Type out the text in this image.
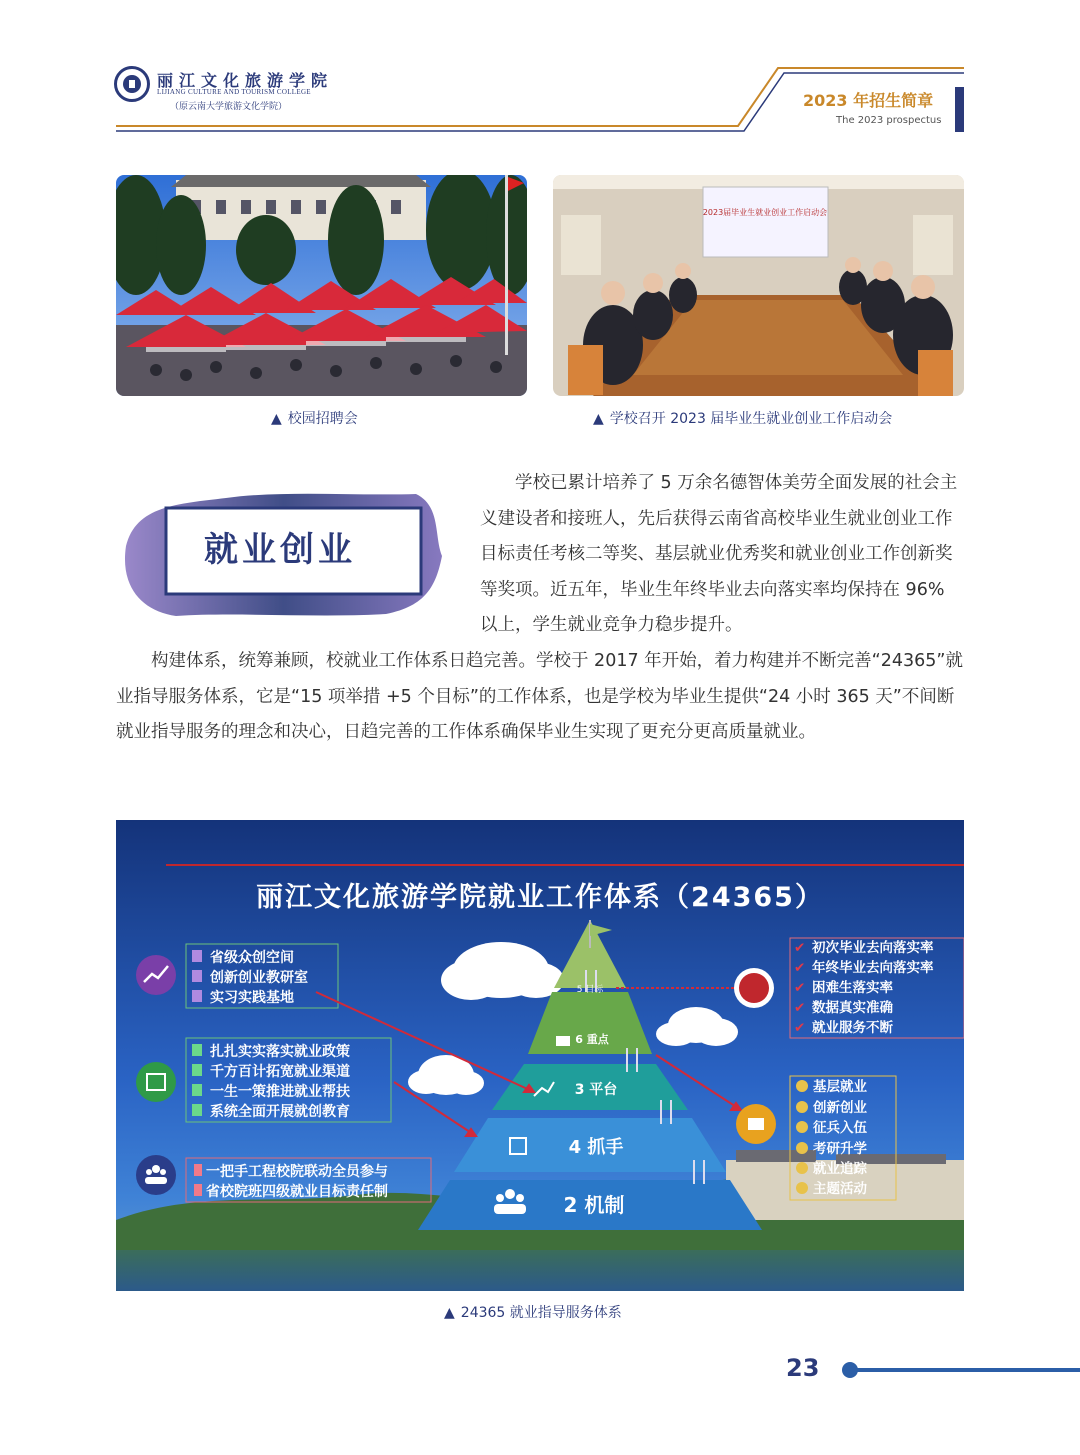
丽江文化旅游学院
LIJIANG CULTURE AND TOURISM COLLEGE
（原云南大学旅游文化学院）	2023 年招生简章
The 2023 prospectus
2023届毕业生就业创业工作启动会
▲ 校园招聘会	▲ 学校召开 2023 届毕业生就业创业工作启动会
就业创业

学校已累计培养了 5 万余名德智体美劳全面发展的社会主义建设者和接班人，先后获得云南省高校毕业生就业创业工作目标责任考核二等奖、基层就业优秀奖和就业创业工作创新奖等奖项。近五年，毕业生年终毕业去向落实率均保持在 96% 以上，学生就业竞争力稳步提升。

构建体系，统筹兼顾，校就业工作体系日趋完善。学校于 2017 年开始，着力构建并不断完善“24365”就业指导服务体系，它是“15 项举措 +5 个目标”的工作体系，也是学校为毕业生提供“24 小时 365 天”不间断就业指导服务的理念和决心，日趋完善的工作体系确保毕业生实现了更充分更高质量就业。

丽江文化旅游学院就业工作体系（24365）
5 目标
6 重点
3 平台
4 抓手
2 机制
省级众创空间
创新创业教研室
实习实践基地
扎扎实实落实就业政策
千方百计拓宽就业渠道
一生一策推进就业帮扶
系统全面开展就创教育
一把手工程校院联动全员参与
省校院班四级就业目标责任制
✔
✔
✔
✔
✔
初次毕业去向落实率
年终毕业去向落实率
困难生落实率
数据真实准确
就业服务不断
基层就业
创新创业
征兵入伍
考研升学
就业追踪
主题活动
▲ 24365 就业指导服务体系
23
